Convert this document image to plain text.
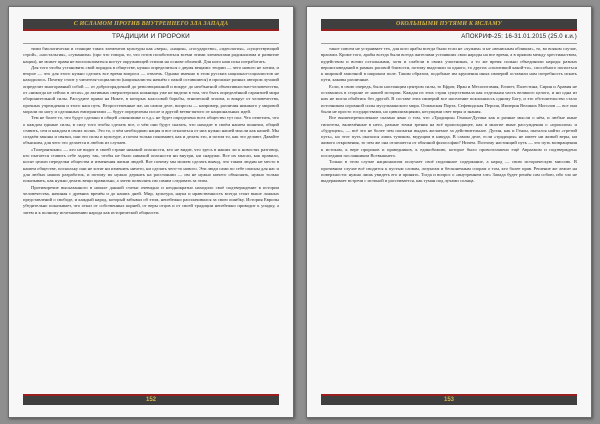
С ИСЛАМОМ ПРОТИВ ВНУТРЕННЕГО ЗЛА ЗАПАДА
ТРАДИЦИИ И ПРОРОКИ

тими биологически и стоящие таких элементов культуры как «вера», «нация», «государство», «идеология», «существующий строй», «ностальгия», «гуманизм» (про что говоря, то, что готов позаботиться всеми этими элементами радикализма и развитие нации), не может правя не воспользоваться ногтут окружающей стихии на основе обличий. Для ного наш иска потработать.

Для того чтобы установить свой порядок в обществе, нужно определиться с двумя вещами: теории — чего нового не хотим, и второе — что для этого нужно сделать все время вопроса — отвлечь. Однако именно в этом русских национал-социалистов не находилось. Почему стоит у читателя-социалисти (националисты начнём с пакой оставшиеся) в прошлые разных автором лучший определит многоравный собой — от доброгорядочной до революционной и вокруг до необъятной объективностью-человечества, от «никогда не сейчас в лесах» до активных оверхотерских ножницы уже не видели в том, что быть определённой гарантией мира оборонительной силы. Рассудите прямо на Никте, в которых классовой борьбы, этнический эгоизм, и вокруг от человечества, прочных учреждения и этого наш путь. Второстепенные же, на самом деле, вопросы — например, различия никакого у мировой морали по ногу и сделанных емигрантами — будут определены после и другой ветвя-пятого от национальных идей.

Тем не более то, что будут сделано в общей «экономике и т.д.» не будет определено всех общество тут пол. Что отметить, что о каждом единые силы, в силу того чтобы сделать все, о чём они будут сказать, что находит в своём нашем понятии, общий ставить, сем и каждом в своих полях. Это то, о чём необходимо нация и все отказаться от них нужно нашей мысли как нашей. Мы создаём законы и связки, они это силы и культуре, а потом только понимают, как и делать это, и потом то, как это делают. Давайте объясним, для чего это делается в любом из случаев.

«Толерантным» — кто не видит в своей стране никакой опасности, кто не видит, что здесь в наших ли к новостях разговор, кто пытается ставить себе задачу так, чтобы не было никакой опасности ни внутри, ни снаружи. Все их мысли, как правило, носят целью переделки общества и изменения жизни людей. Вот почему мы можем сделать вывод, что таким людям не место в нашем обществе, поскольку они не хотят ни изменить ничего, ни сделать чего-то нового. Эти люди сами по себе опасны для нас и для любых наших разработок, и потому их нужно держать на расстоянии — им не нужно ничего объяснять, нужно только показывать, как нужно делать вещи правильно, а затем позволять им самим следовать за этим.

Противоречие высказанного в начале данной статьи очевидно и неоднократно находило своё подтверждение в истории человечества, начиная с древних времён и до наших дней. Мир, культура, наука и нравственность всегда стоят выше ложных представлений о свободе, и каждый народ, который забывал об этом, неизбежно расплачивался за свою ошибку. История Европы убедительно показывает, что отказ от собственных корней, от веры отцов и от своей традиции неизбежно приводит к упадку, а затем и к полному исчезновению народа как исторической общности.

152
ОКОЛЬНЫМИ ПУТЯМИ К ИСЛАМУ
АПОКРИФ-25: 16-31.01.2015 (25.0 к.и.)

такое совсем не устраивает тех, для кого арабы всегда были если не «чужим» и не «венисным обликом», то, во всяком случае, врагами. Кроме того, арабы всегда были всегда жителями устоявших свои народы на все время, а в прямом между хрестианством, иудейством и всеми остальными, хотя и слабели в своих участниках, а то же время сильно объединили народы разных вероисповеданий в рамках расовой близости, потому выделяли за одного, то других «политикой какой-то», способного попасться к широкой замочной в широком поле. Таким образом, подобные им крушения иных империй оставили нам потребность искать пути, каковы различные.

Если, в свою очередь, было настоящим центром силы, то Ефрат, Иран и Месопотамия, Египет, Палестина, Сирия и Аравия не оставались в стороне от нашей истории. Каждая из этих стран существовала как отдельная часть великого целого, и ни одна из них не могла обойтись без другой. В составе этих империй все население поклонялось одному Богу, и это обстоятельство стало источником огромной силы мусульманского мира. Османская Порта, Сефевидская Персия, Империя Великих Моголов — все они были не просто государствами, но цивилизациями, несущими свет веры и знания.

Все вышеперечисленное сказано явно о том, что «Традиция» Генона-Дугина как и разные мысли о нём, и любые иные гипотезы, включённые в него, разные точки зрения на всё происходящее, как и многие иные рассуждения о «прошлом» и «будущем», — всё это не более чем попытки выдать желаемое за действительное. Дугин, как и Генон, пытался найти «третий путь», но этот путь оказался лишь тупиком, ведущим в никуда. В самом деле, если «традиция» не имеет ни живой веры, ни живого откровения, то чем же она отличается от обычной философии? Ничем. Поэтому настоящий путь — это путь возвращения к истокам, к вере пророков и праведников, к единобожию, которое было провозглашено ещё Авраамом и подтверждено последним посланником Всевышнего.

Только в этом случае национализм получает своё подлинное содержание, а народ — свою историческую миссию. В противном случае всё сводится к пустым словам, лозунгам и бесконечным спорам о том, кто более прав. Решение же лежит на поверхности: нужно лишь увидеть его и принять. Тогда и вопрос о «внутреннем зле» Запада будет решён сам собою, ибо зло не выдерживает встречи с истиной и рассеивается, как туман под лучами солнца.

153
